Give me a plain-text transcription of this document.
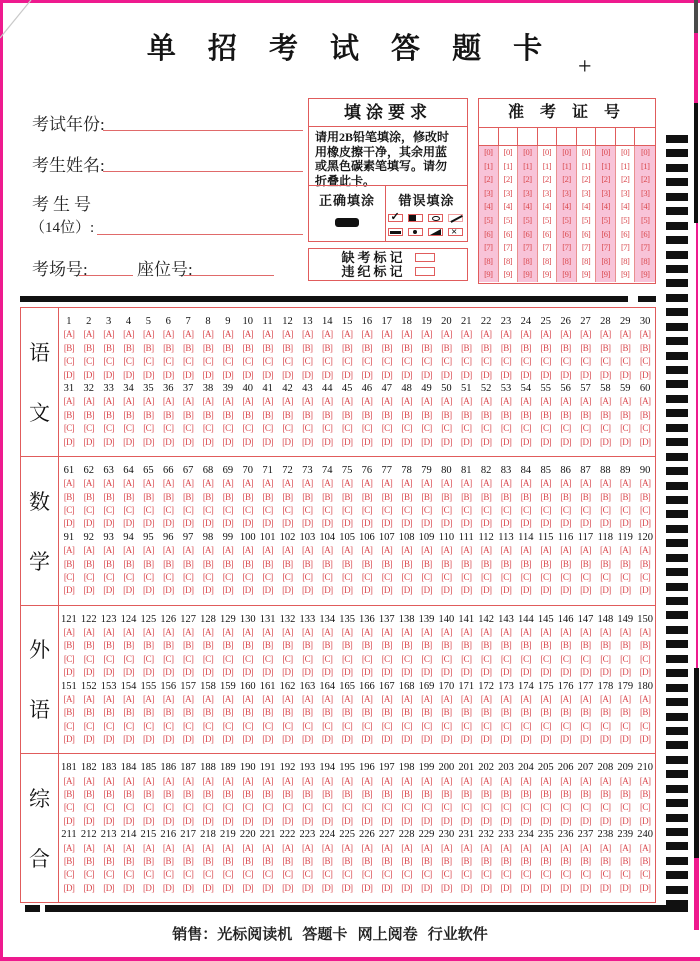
单 招 考 试 答 题 卡
+
考试年份:
考生姓名:
考生号
（14位）:
考场号:	座位号:
填涂要求
请用2B铅笔填涂，修改时
用橡皮擦干净，其余用蓝
或黑色碳素笔填写。请勿
折叠此卡。
正确填涂 错误填涂
✓
×
缺考标记
违纪标记
准 考 证 号
[0]	[0]	[0]	[0]	[0]	[0]	[0]	[0]	[0]
[1]	[1]	[1]	[1]	[1]	[1]	[1]	[1]	[1]
[2]	[2]	[2]	[2]	[2]	[2]	[2]	[2]	[2]
[3]	[3]	[3]	[3]	[3]	[3]	[3]	[3]	[3]
[4]	[4]	[4]	[4]	[4]	[4]	[4]	[4]	[4]
[5]	[5]	[5]	[5]	[5]	[5]	[5]	[5]	[5]
[6]	[6]	[6]	[6]	[6]	[6]	[6]	[6]	[6]
[7]	[7]	[7]	[7]	[7]	[7]	[7]	[7]	[7]
[8]	[8]	[8]	[8]	[8]	[8]	[8]	[8]	[8]
[9]	[9]	[9]	[9]	[9]	[9]	[9]	[9]	[9]
语
文
1	2	3	4	5	6	7	8	9	10 11 12 13 14 15 16 17 18 19 20 21 22 23 24 25 26 27 28 29 30
[A]	[A]	[A]	[A]	[A]	[A]	[A]	[A]	[A]	[A]	[A]	[A]	[A]	[A]	[A]	[A]	[A]	[A]	[A]	[A]	[A]	[A]	[A]	[A]	[A]	[A]	[A]	[A]	[A]	[A]
[B]	[B]	[B]	[B]	[B]	[B]	[B]	[B]	[B]	[B]	[B]	[B]	[B]	[B]	[B]	[B]	[B]	[B]	[B]	[B]	[B]	[B]	[B]	[B]	[B]	[B]	[B]	[B]	[B]	[B]
[C]	[C]	[C]	[C]	[C]	[C]	[C]	[C]	[C]	[C]	[C]	[C]	[C]	[C]	[C]	[C]	[C]	[C]	[C]	[C]	[C]	[C]	[C]	[C]	[C]	[C]	[C]	[C]	[C]	[C]
[D]	[D]	[D]	[D]	[D]	[D]	[D]	[D]	[D]	[D]	[D]	[D]	[D]	[D]	[D]	[D]	[D]	[D]	[D]	[D]	[D]	[D]	[D]	[D]	[D]	[D]	[D]	[D]	[D]	[D]
31 32 33 34 35 36 37 38 39 40 41 42 43 44 45 46 47 48 49 50 51 52 53 54 55 56 57 58 59 60
[A]	[A]	[A]	[A]	[A]	[A]	[A]	[A]	[A]	[A]	[A]	[A]	[A]	[A]	[A]	[A]	[A]	[A]	[A]	[A]	[A]	[A]	[A]	[A]	[A]	[A]	[A]	[A]	[A]	[A]
[B]	[B]	[B]	[B]	[B]	[B]	[B]	[B]	[B]	[B]	[B]	[B]	[B]	[B]	[B]	[B]	[B]	[B]	[B]	[B]	[B]	[B]	[B]	[B]	[B]	[B]	[B]	[B]	[B]	[B]
[C]	[C]	[C]	[C]	[C]	[C]	[C]	[C]	[C]	[C]	[C]	[C]	[C]	[C]	[C]	[C]	[C]	[C]	[C]	[C]	[C]	[C]	[C]	[C]	[C]	[C]	[C]	[C]	[C]	[C]
[D]	[D]	[D]	[D]	[D]	[D]	[D]	[D]	[D]	[D]	[D]	[D]	[D]	[D]	[D]	[D]	[D]	[D]	[D]	[D]	[D]	[D]	[D]	[D]	[D]	[D]	[D]	[D]	[D]	[D]
数
学
61 62 63 64 65 66 67 68 69 70 71 72 73 74 75 76 77 78 79 80 81 82 83 84 85 86 87 88 89 90
[A]	[A]	[A]	[A]	[A]	[A]	[A]	[A]	[A]	[A]	[A]	[A]	[A]	[A]	[A]	[A]	[A]	[A]	[A]	[A]	[A]	[A]	[A]	[A]	[A]	[A]	[A]	[A]	[A]	[A]
[B]	[B]	[B]	[B]	[B]	[B]	[B]	[B]	[B]	[B]	[B]	[B]	[B]	[B]	[B]	[B]	[B]	[B]	[B]	[B]	[B]	[B]	[B]	[B]	[B]	[B]	[B]	[B]	[B]	[B]
[C]	[C]	[C]	[C]	[C]	[C]	[C]	[C]	[C]	[C]	[C]	[C]	[C]	[C]	[C]	[C]	[C]	[C]	[C]	[C]	[C]	[C]	[C]	[C]	[C]	[C]	[C]	[C]	[C]	[C]
[D]	[D]	[D]	[D]	[D]	[D]	[D]	[D]	[D]	[D]	[D]	[D]	[D]	[D]	[D]	[D]	[D]	[D]	[D]	[D]	[D]	[D]	[D]	[D]	[D]	[D]	[D]	[D]	[D]	[D]
91 92 93 94 95 96 97 98 99 100 101 102 103 104 105 106 107 108 109 110 111 112 113 114 115 116 117 118 119 120
[A]	[A]	[A]	[A]	[A]	[A]	[A]	[A]	[A]	[A]	[A]	[A]	[A]	[A]	[A]	[A]	[A]	[A]	[A]	[A]	[A]	[A]	[A]	[A]	[A]	[A]	[A]	[A]	[A]	[A]
[B]	[B]	[B]	[B]	[B]	[B]	[B]	[B]	[B]	[B]	[B]	[B]	[B]	[B]	[B]	[B]	[B]	[B]	[B]	[B]	[B]	[B]	[B]	[B]	[B]	[B]	[B]	[B]	[B]	[B]
[C]	[C]	[C]	[C]	[C]	[C]	[C]	[C]	[C]	[C]	[C]	[C]	[C]	[C]	[C]	[C]	[C]	[C]	[C]	[C]	[C]	[C]	[C]	[C]	[C]	[C]	[C]	[C]	[C]	[C]
[D]	[D]	[D]	[D]	[D]	[D]	[D]	[D]	[D]	[D]	[D]	[D]	[D]	[D]	[D]	[D]	[D]	[D]	[D]	[D]	[D]	[D]	[D]	[D]	[D]	[D]	[D]	[D]	[D]	[D]
外
语
121 122 123 124 125 126 127 128 129 130 131 132 133 134 135 136 137 138 139 140 141 142 143 144 145 146 147 148 149 150
[A]	[A]	[A]	[A]	[A]	[A]	[A]	[A]	[A]	[A]	[A]	[A]	[A]	[A]	[A]	[A]	[A]	[A]	[A]	[A]	[A]	[A]	[A]	[A]	[A]	[A]	[A]	[A]	[A]	[A]
[B]	[B]	[B]	[B]	[B]	[B]	[B]	[B]	[B]	[B]	[B]	[B]	[B]	[B]	[B]	[B]	[B]	[B]	[B]	[B]	[B]	[B]	[B]	[B]	[B]	[B]	[B]	[B]	[B]	[B]
[C]	[C]	[C]	[C]	[C]	[C]	[C]	[C]	[C]	[C]	[C]	[C]	[C]	[C]	[C]	[C]	[C]	[C]	[C]	[C]	[C]	[C]	[C]	[C]	[C]	[C]	[C]	[C]	[C]	[C]
[D]	[D]	[D]	[D]	[D]	[D]	[D]	[D]	[D]	[D]	[D]	[D]	[D]	[D]	[D]	[D]	[D]	[D]	[D]	[D]	[D]	[D]	[D]	[D]	[D]	[D]	[D]	[D]	[D]	[D]
151 152 153 154 155 156 157 158 159 160 161 162 163 164 165 166 167 168 169 170 171 172 173 174 175 176 177 178 179 180
[A]	[A]	[A]	[A]	[A]	[A]	[A]	[A]	[A]	[A]	[A]	[A]	[A]	[A]	[A]	[A]	[A]	[A]	[A]	[A]	[A]	[A]	[A]	[A]	[A]	[A]	[A]	[A]	[A]	[A]
[B]	[B]	[B]	[B]	[B]	[B]	[B]	[B]	[B]	[B]	[B]	[B]	[B]	[B]	[B]	[B]	[B]	[B]	[B]	[B]	[B]	[B]	[B]	[B]	[B]	[B]	[B]	[B]	[B]	[B]
[C]	[C]	[C]	[C]	[C]	[C]	[C]	[C]	[C]	[C]	[C]	[C]	[C]	[C]	[C]	[C]	[C]	[C]	[C]	[C]	[C]	[C]	[C]	[C]	[C]	[C]	[C]	[C]	[C]	[C]
[D]	[D]	[D]	[D]	[D]	[D]	[D]	[D]	[D]	[D]	[D]	[D]	[D]	[D]	[D]	[D]	[D]	[D]	[D]	[D]	[D]	[D]	[D]	[D]	[D]	[D]	[D]	[D]	[D]	[D]
综
合
181 182 183 184 185 186 187 188 189 190 191 192 193 194 195 196 197 198 199 200 201 202 203 204 205 206 207 208 209 210
[A]	[A]	[A]	[A]	[A]	[A]	[A]	[A]	[A]	[A]	[A]	[A]	[A]	[A]	[A]	[A]	[A]	[A]	[A]	[A]	[A]	[A]	[A]	[A]	[A]	[A]	[A]	[A]	[A]	[A]
[B]	[B]	[B]	[B]	[B]	[B]	[B]	[B]	[B]	[B]	[B]	[B]	[B]	[B]	[B]	[B]	[B]	[B]	[B]	[B]	[B]	[B]	[B]	[B]	[B]	[B]	[B]	[B]	[B]	[B]
[C]	[C]	[C]	[C]	[C]	[C]	[C]	[C]	[C]	[C]	[C]	[C]	[C]	[C]	[C]	[C]	[C]	[C]	[C]	[C]	[C]	[C]	[C]	[C]	[C]	[C]	[C]	[C]	[C]	[C]
[D]	[D]	[D]	[D]	[D]	[D]	[D]	[D]	[D]	[D]	[D]	[D]	[D]	[D]	[D]	[D]	[D]	[D]	[D]	[D]	[D]	[D]	[D]	[D]	[D]	[D]	[D]	[D]	[D]	[D]
211 212 213 214 215 216 217 218 219 220 221 222 223 224 225 226 227 228 229 230 231 232 233 234 235 236 237 238 239 240
[A]	[A]	[A]	[A]	[A]	[A]	[A]	[A]	[A]	[A]	[A]	[A]	[A]	[A]	[A]	[A]	[A]	[A]	[A]	[A]	[A]	[A]	[A]	[A]	[A]	[A]	[A]	[A]	[A]	[A]
[B]	[B]	[B]	[B]	[B]	[B]	[B]	[B]	[B]	[B]	[B]	[B]	[B]	[B]	[B]	[B]	[B]	[B]	[B]	[B]	[B]	[B]	[B]	[B]	[B]	[B]	[B]	[B]	[B]	[B]
[C]	[C]	[C]	[C]	[C]	[C]	[C]	[C]	[C]	[C]	[C]	[C]	[C]	[C]	[C]	[C]	[C]	[C]	[C]	[C]	[C]	[C]	[C]	[C]	[C]	[C]	[C]	[C]	[C]	[C]
[D]	[D]	[D]	[D]	[D]	[D]	[D]	[D]	[D]	[D]	[D]	[D]	[D]	[D]	[D]	[D]	[D]	[D]	[D]	[D]	[D]	[D]	[D]	[D]	[D]	[D]	[D]	[D]	[D]	[D]
销售：光标阅读机 答题卡 网上阅卷 行业软件
